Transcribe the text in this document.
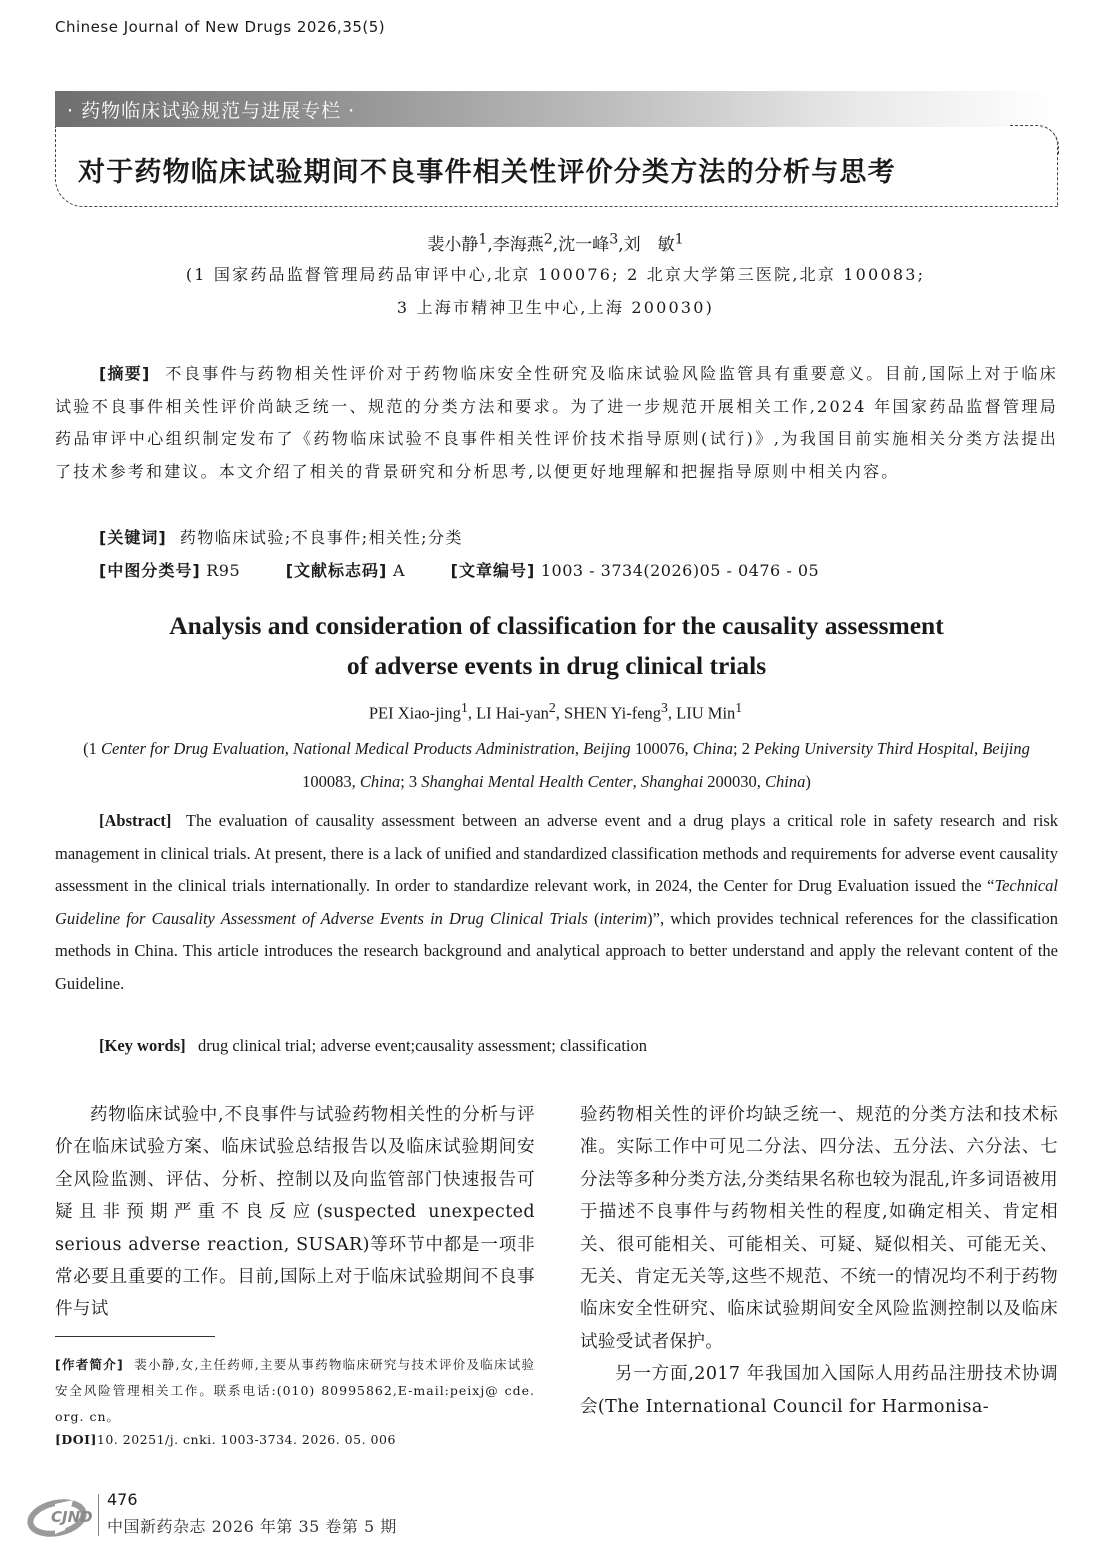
Chinese Journal of New Drugs 2026,35(5)
· 药物临床试验规范与进展专栏 ·
对于药物临床试验期间不良事件相关性评价分类方法的分析与思考
裴小静$^1$,李海燕$^2$,沈一峰$^3$,刘　敏$^1$
(1 国家药品监督管理局药品审评中心,北京 100076; 2 北京大学第三医院,北京 100083;
3 上海市精神卫生中心,上海 200030)
[摘要] 不良事件与药物相关性评价对于药物临床安全性研究及临床试验风险监管具有重要意义。目前,国际上对于临床试验不良事件相关性评价尚缺乏统一、规范的分类方法和要求。为了进一步规范开展相关工作,2024 年国家药品监督管理局药品审评中心组织制定发布了《药物临床试验不良事件相关性评价技术指导原则(试行)》,为我国目前实施相关分类方法提出了技术参考和建议。本文介绍了相关的背景研究和分析思考,以便更好地理解和把握指导原则中相关内容。
[关键词] 药物临床试验;不良事件;相关性;分类
[中图分类号] R95	[文献标志码] A	[文章编号] 1003 - 3734(2026)05 - 0476 - 05
Analysis and consideration of classification for the causality assessment
of adverse events in drug clinical trials
PEI Xiao-jing$^1$, LI Hai-yan$^2$, SHEN Yi-feng$^3$, LIU Min$^1$
(1 Center for Drug Evaluation, National Medical Products Administration, Beijing 100076, China; 2 Peking University Third Hospital, Beijing 100083, China; 3 Shanghai Mental Health Center, Shanghai 200030, China)
[Abstract] The evaluation of causality assessment between an adverse event and a drug plays a critical role in safety research and risk management in clinical trials. At present, there is a lack of unified and standardized classification methods and requirements for adverse event causality assessment in the clinical trials internationally. In order to standardize relevant work, in 2024, the Center for Drug Evaluation issued the “Technical Guideline for Causality Assessment of Adverse Events in Drug Clinical Trials (interim)”, which provides technical references for the classification methods in China. This article introduces the research background and analytical approach to better understand and apply the relevant content of the Guideline.
[Key words] drug clinical trial; adverse event;causality assessment; classification

药物临床试验中,不良事件与试验药物相关性的分析与评价在临床试验方案、临床试验总结报告以及临床试验期间安全风险监测、评估、分析、控制以及向监管部门快速报告可疑且非预期严重不良反应(suspected unexpected serious adverse reaction, SUSAR)等环节中都是一项非常必要且重要的工作。目前,国际上对于临床试验期间不良事件与试

验药物相关性的评价均缺乏统一、规范的分类方法和技术标准。实际工作中可见二分法、四分法、五分法、六分法、七分法等多种分类方法,分类结果名称也较为混乱,许多词语被用于描述不良事件与药物相关性的程度,如确定相关、肯定相关、很可能相关、可能相关、可疑、疑似相关、可能无关、无关、肯定无关等,这些不规范、不统一的情况均不利于药物临床安全性研究、临床试验期间安全风险监测控制以及临床试验受试者保护。

另一方面,2017 年我国加入国际人用药品注册技术协调会(The International Council for Harmonisa-

[作者简介] 裴小静,女,主任药师,主要从事药物临床研究与技术评价及临床试验安全风险管理相关工作。联系电话:(010) 80995862,E-mail:peixj@ cde. org. cn。
[DOI]10. 20251/j. cnki. 1003-3734. 2026. 05. 006
CJND
476
中国新药杂志 2026 年第 35 卷第 5 期
